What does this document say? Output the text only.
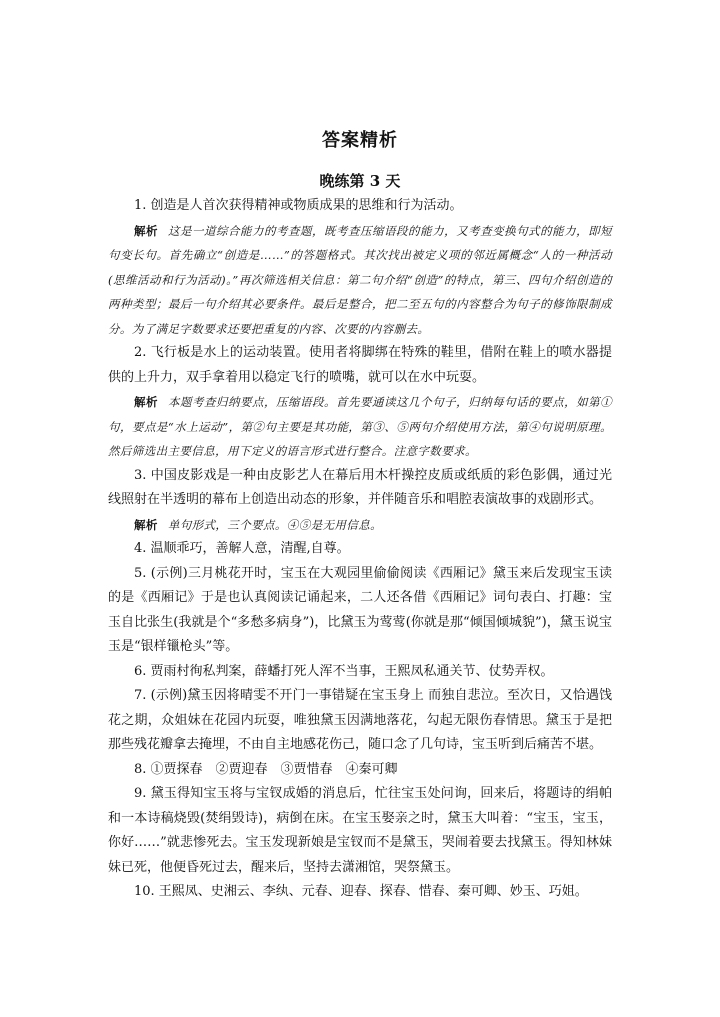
答案精析
晚练第 3 天

1. 创造是人首次获得精神或物质成果的思维和行为活动。

解析 这是一道综合能力的考查题，既考查压缩语段的能力，又考查变换句式的能力，即短句变长句。首先确立“创造是……”的答题格式。其次找出被定义项的邻近属概念“人的一种活动(思维活动和行为活动)。”再次筛选相关信息：第二句介绍“创造”的特点，第三、四句介绍创造的两种类型；最后一句介绍其必要条件。最后是整合，把二至五句的内容整合为句子的修饰限制成分。为了满足字数要求还要把重复的内容、次要的内容删去。

2. 飞行板是水上的运动装置。使用者将脚绑在特殊的鞋里，借附在鞋上的喷水器提供的上升力，双手拿着用以稳定飞行的喷嘴，就可以在水中玩耍。

解析 本题考查归纳要点，压缩语段。首先要通读这几个句子，归纳每句话的要点，如第①句，要点是“水上运动”，第②句主要是其功能，第③、⑤两句介绍使用方法，第④句说明原理。然后筛选出主要信息，用下定义的语言形式进行整合。注意字数要求。

3. 中国皮影戏是一种由皮影艺人在幕后用木杆操控皮质或纸质的彩色影偶，通过光线照射在半透明的幕布上创造出动态的形象，并伴随音乐和唱腔表演故事的戏剧形式。

解析 单句形式，三个要点。④⑤是无用信息。

4. 温顺乖巧，善解人意，清醒,自尊。

5. (示例)三月桃花开时，宝玉在大观园里偷偷阅读《西厢记》黛玉来后发现宝玉读的是《西厢记》于是也认真阅读记诵起来，二人还各借《西厢记》词句表白、打趣：宝玉自比张生(我就是个“多愁多病身”)，比黛玉为莺莺(你就是那“倾国倾城貌”)，黛玉说宝玉是“银样镴枪头”等。

6. 贾雨村徇私判案，薛蟠打死人浑不当事，王熙凤私通关节、仗势弄权。

7. (示例)黛玉因将晴雯不开门一事错疑在宝玉身上 而独自悲泣。至次日，又恰遇饯花之期，众姐妹在花园内玩耍，唯独黛玉因满地落花，勾起无限伤春情思。黛玉于是把那些残花瓣拿去掩埋，不由自主地感花伤己，随口念了几句诗，宝玉听到后痛苦不堪。

8. ①贾探春　②贾迎春　③贾惜春　④秦可卿

9. 黛玉得知宝玉将与宝钗成婚的消息后，忙往宝玉处问询，回来后，将题诗的绢帕和一本诗稿烧毁(焚绢毁诗)，病倒在床。在宝玉娶亲之时，黛玉大叫着：“宝玉，宝玉，你好……”就悲惨死去。宝玉发现新娘是宝钗而不是黛玉，哭闹着要去找黛玉。得知林妹妹已死，他便昏死过去，醒来后，坚持去潇湘馆，哭祭黛玉。

10. 王熙凤、史湘云、李纨、元春、迎春、探春、惜春、秦可卿、妙玉、巧姐。
